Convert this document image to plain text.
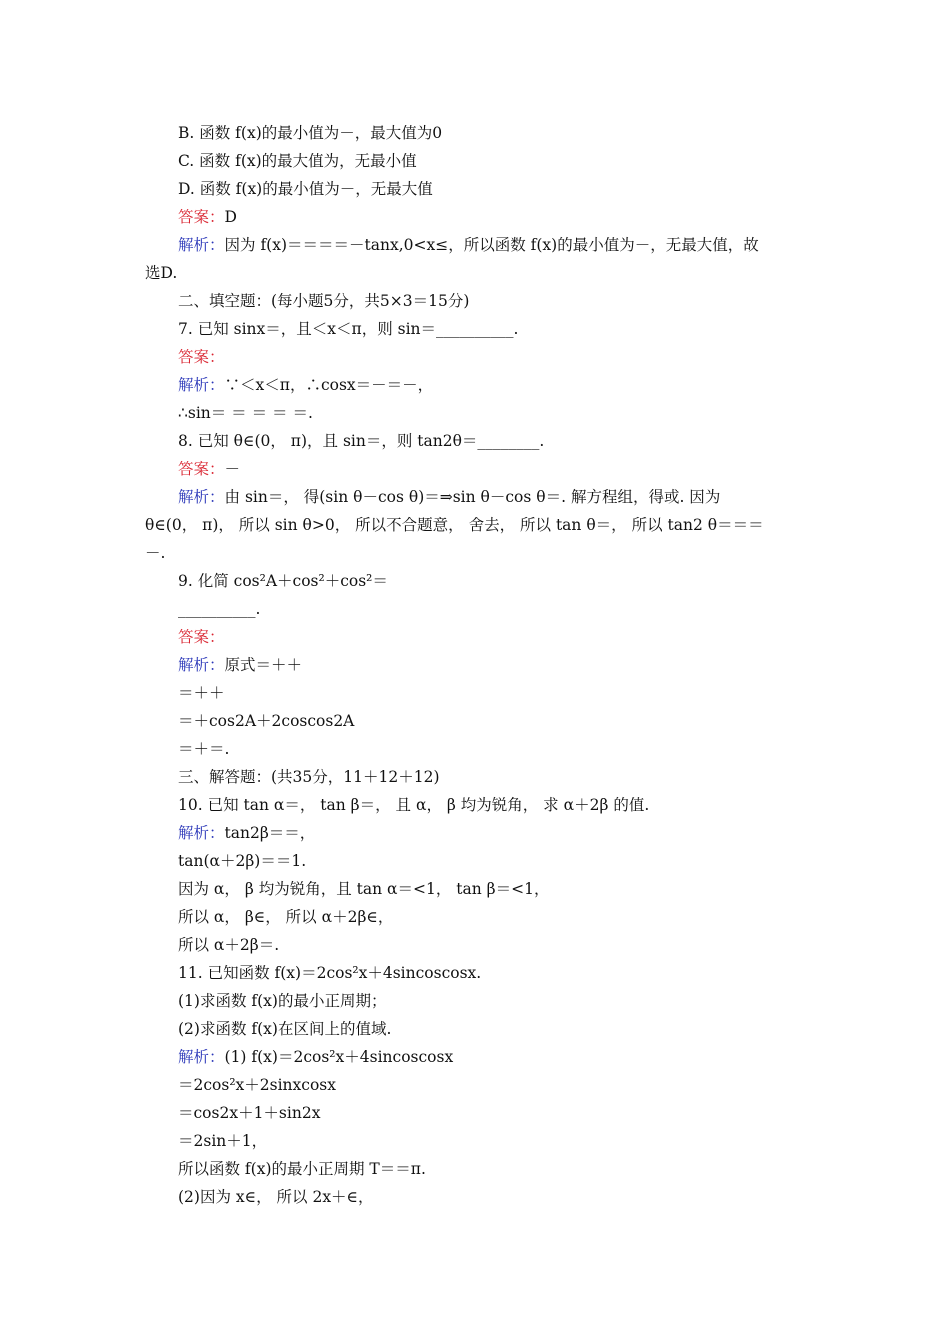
B. 函数 f(x)的最小值为－，最大值为0
C. 函数 f(x)的最大值为，无最小值
D. 函数 f(x)的最小值为－，无最大值
答案：D
解析：因为 f(x)＝＝＝＝－tanx,0<x≤，所以函数 f(x)的最小值为－，无最大值，故
选D.
二、填空题：(每小题5分，共5×3＝15分)
7. 已知 sinx＝，且＜x＜π，则 sin＝__________.
答案：
解析：∵＜x＜π，∴cosx＝－＝－，
∴sin＝ ＝ ＝ ＝ ＝.
8. 已知 θ∈(0， π)，且 sin＝，则 tan2θ＝________.
答案：－
解析：由 sin＝， 得(sin θ－cos θ)＝⇒sin θ－cos θ＝. 解方程组，得或. 因为
θ∈(0， π)， 所以 sin θ>0， 所以不合题意， 舍去， 所以 tan θ＝， 所以 tan2 θ＝＝＝
－.
9. 化简 cos²A＋cos²＋cos²＝
__________.
答案：
解析：原式＝＋＋
＝＋＋
＝＋cos2A＋2coscos2A
＝＋＝.
三、解答题：(共35分，11＋12＋12)
10. 已知 tan α＝， tan β＝， 且 α， β 均为锐角， 求 α＋2β 的值.
解析：tan2β＝＝，
tan(α＋2β)＝＝1.
因为 α， β 均为锐角，且 tan α＝<1， tan β＝<1，
所以 α， β∈， 所以 α＋2β∈，
所以 α＋2β＝.
11. 已知函数 f(x)＝2cos²x＋4sincoscosx.
(1)求函数 f(x)的最小正周期；
(2)求函数 f(x)在区间上的值域.
解析：(1) f(x)＝2cos²x＋4sincoscosx
＝2cos²x＋2sinxcosx
＝cos2x＋1＋sin2x
＝2sin＋1，
所以函数 f(x)的最小正周期 T＝＝π.
(2)因为 x∈， 所以 2x＋∈，
